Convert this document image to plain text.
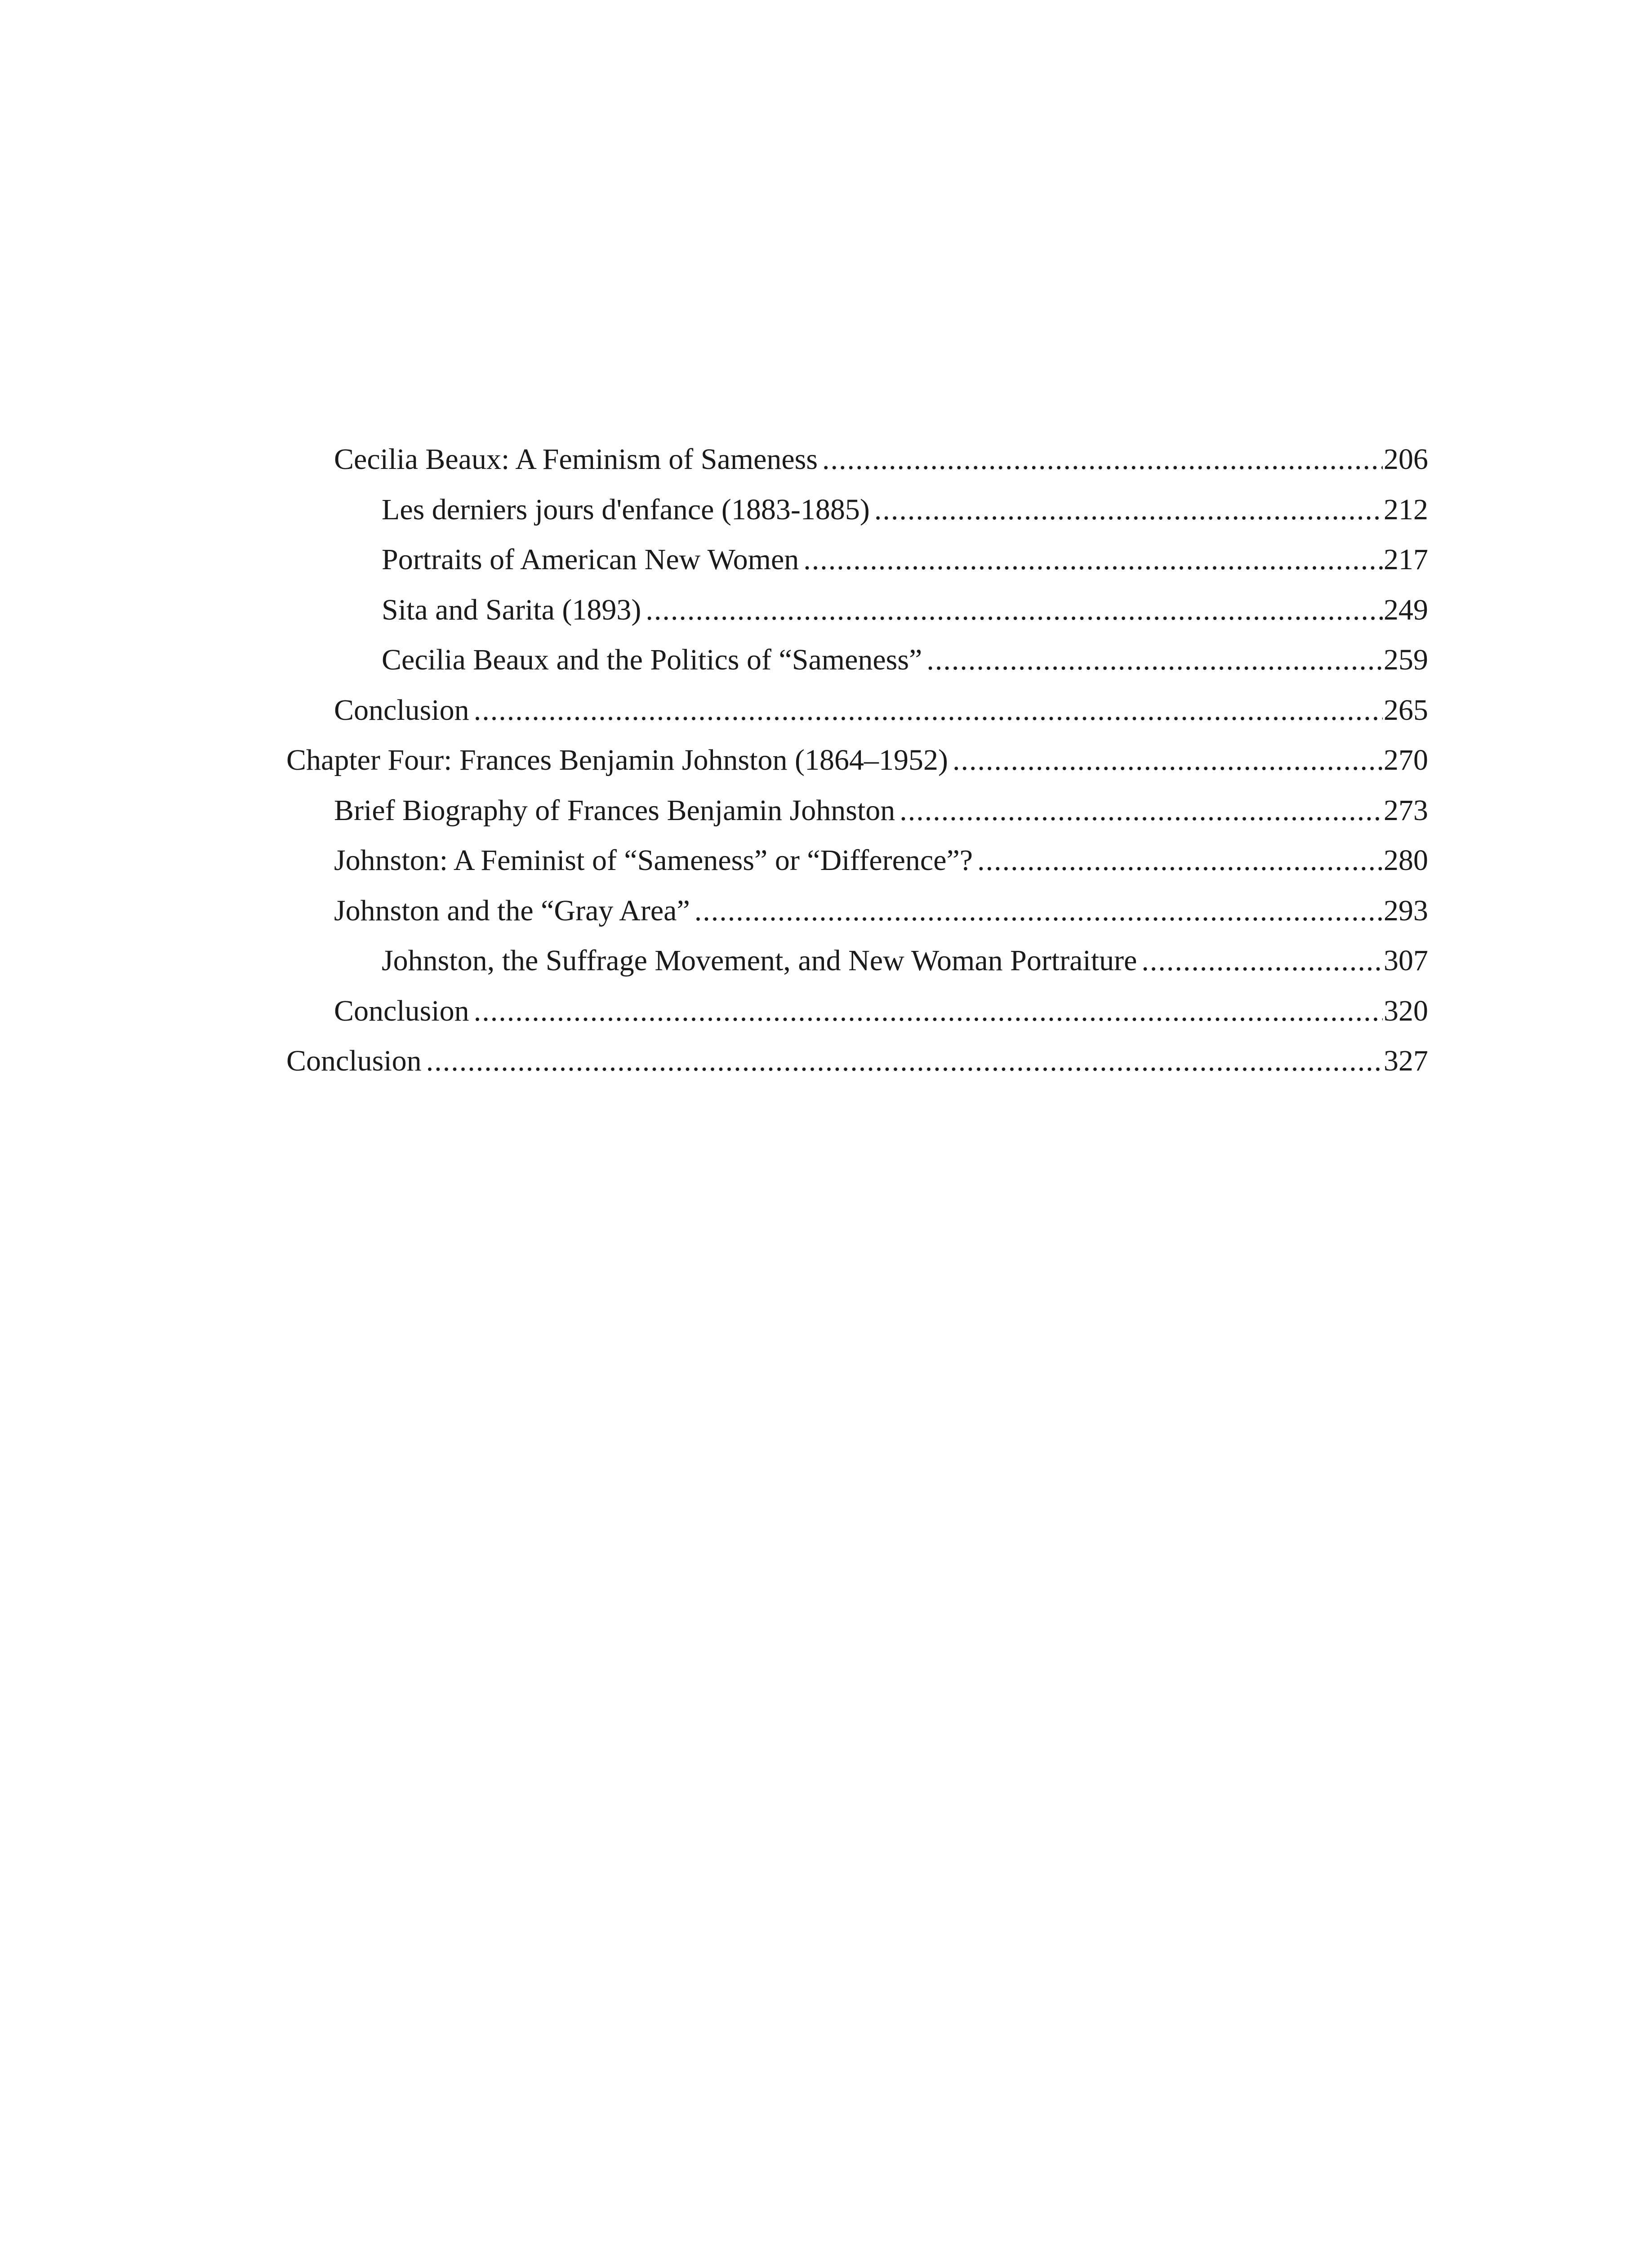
Cecilia Beaux: A Feminism of Sameness .....	206
Les derniers jours d'enfance (1883-1885) .....	212
Portraits of American New Women .....	217
Sita and Sarita (1893) .....	249
Cecilia Beaux and the Politics of “Sameness” .....	259
Conclusion .....	265
Chapter Four: Frances Benjamin Johnston (1864–1952) .....	270
Brief Biography of Frances Benjamin Johnston .....	273
Johnston: A Feminist of “Sameness” or “Difference”? .....	280
Johnston and the “Gray Area” .....	293
Johnston, the Suffrage Movement, and New Woman Portraiture .....	307
Conclusion .....	320
Conclusion .....	327
